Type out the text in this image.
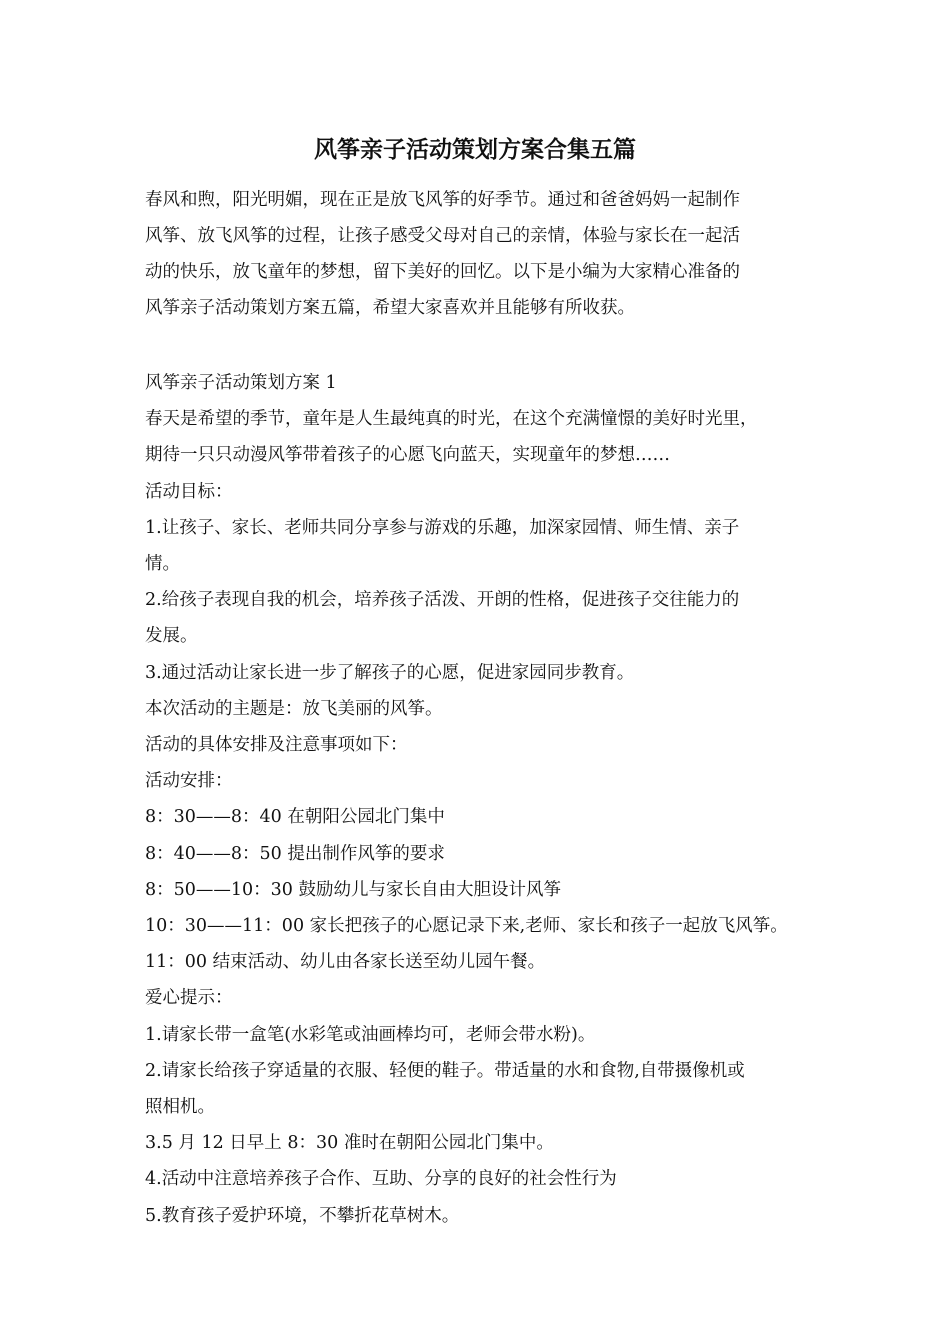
风筝亲子活动策划方案合集五篇

春风和煦，阳光明媚，现在正是放飞风筝的好季节。通过和爸爸妈妈一起制作

风筝、放飞风筝的过程，让孩子感受父母对自己的亲情，体验与家长在一起活

动的快乐，放飞童年的梦想，留下美好的回忆。以下是小编为大家精心准备的

风筝亲子活动策划方案五篇，希望大家喜欢并且能够有所收获。

风筝亲子活动策划方案 1

春天是希望的季节，童年是人生最纯真的时光，在这个充满憧憬的美好时光里，

期待一只只动漫风筝带着孩子的心愿飞向蓝天，实现童年的梦想……

活动目标：

1.让孩子、家长、老师共同分享参与游戏的乐趣，加深家园情、师生情、亲子

情。

2.给孩子表现自我的机会，培养孩子活泼、开朗的性格，促进孩子交往能力的

发展。

3.通过活动让家长进一步了解孩子的心愿，促进家园同步教育。

本次活动的主题是：放飞美丽的风筝。

活动的具体安排及注意事项如下：

活动安排：

8：30——8：40 在朝阳公园北门集中

8：40——8：50 提出制作风筝的要求

8：50——10：30 鼓励幼儿与家长自由大胆设计风筝

10：30——11：00 家长把孩子的心愿记录下来,老师、家长和孩子一起放飞风筝。

11：00 结束活动、幼儿由各家长送至幼儿园午餐。

爱心提示：

1.请家长带一盒笔(水彩笔或油画棒均可，老师会带水粉)。

2.请家长给孩子穿适量的衣服、轻便的鞋子。带适量的水和食物,自带摄像机或

照相机。

3.5 月 12 日早上 8：30 准时在朝阳公园北门集中。

4.活动中注意培养孩子合作、互助、分享的良好的社会性行为

5.教育孩子爱护环境，不攀折花草树木。
